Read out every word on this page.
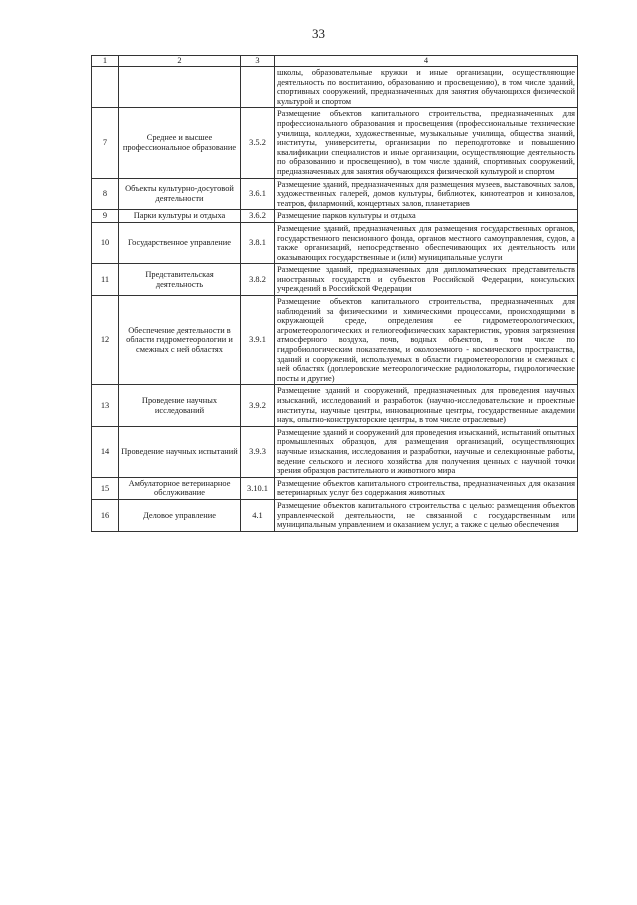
33
1	2	3	4
			школы, образовательные кружки и иные организации, осуществляющие деятельность по воспитанию, образованию и просвещению), в том числе зданий, спортивных сооружений, предназначенных для занятия обучающихся физической культурой и спортом
7	Среднее и высшее профессиональное образование	3.5.2	Размещение объектов капитального строительства, предназначенных для профессионального образования и просвещения (профессиональные технические училища, колледжи, художественные, музыкальные училища, общества знаний, институты, университеты, организации по переподготовке и повышению квалификации специалистов и иные организации, осуществляющие деятельность по образованию и просвещению), в том числе зданий, спортивных сооружений, предназначенных для занятия обучающихся физической культурой и спортом
8	Объекты культурно-досуговой деятельности	3.6.1	Размещение зданий, предназначенных для размещения музеев, выставочных залов, художественных галерей, домов культуры, библиотек, кинотеатров и кинозалов, театров, филармоний, концертных залов, планетариев
9	Парки культуры и отдыха	3.6.2	Размещение парков культуры и отдыха
10	Государственное управление	3.8.1	Размещение зданий, предназначенных для размещения государственных органов, государственного пенсионного фонда, органов местного самоуправления, судов, а также организаций, непосредственно обеспечивающих их деятельность или оказывающих государственные и (или) муниципальные услуги
11	Представительская деятельность	3.8.2	Размещение зданий, предназначенных для дипломатических представительств иностранных государств и субъектов Российской Федерации, консульских учреждений в Российской Федерации
12	Обеспечение деятельности в области гидрометеорологии и смежных с ней областях	3.9.1	Размещение объектов капитального строительства, предназначенных для наблюдений за физическими и химическими процессами, происходящими в окружающей среде, определения ее гидрометеорологических, агрометеорологических и гелиогеофизических характеристик, уровня загрязнения атмосферного воздуха, почв, водных объектов, в том числе по гидробиологическим показателям, и околоземного - космического пространства, зданий и сооружений, используемых в области гидрометеорологии и смежных с ней областях (доплеровские метеорологические радиолокаторы, гидрологические посты и другие)
13	Проведение научных исследований	3.9.2	Размещение зданий и сооружений, предназначенных для проведения научных изысканий, исследований и разработок (научно-исследовательские и проектные институты, научные центры, инновационные центры, государственные академии наук, опытно-конструкторские центры, в том числе отраслевые)
14	Проведение научных испытаний	3.9.3	Размещение зданий и сооружений для проведения изысканий, испытаний опытных промышленных образцов, для размещения организаций, осуществляющих научные изыскания, исследования и разработки, научные и селекционные работы, ведение сельского и лесного хозяйства для получения ценных с научной точки зрения образцов растительного и животного мира
15	Амбулаторное ветеринарное обслуживание	3.10.1	Размещение объектов капитального строительства, предназначенных для оказания ветеринарных услуг без содержания животных
16	Деловое управление	4.1	Размещение объектов капитального строительства с целью: размещения объектов управленческой деятельности, не связанной с государственным или муниципальным управлением и оказанием услуг, а также с целью обеспечения
